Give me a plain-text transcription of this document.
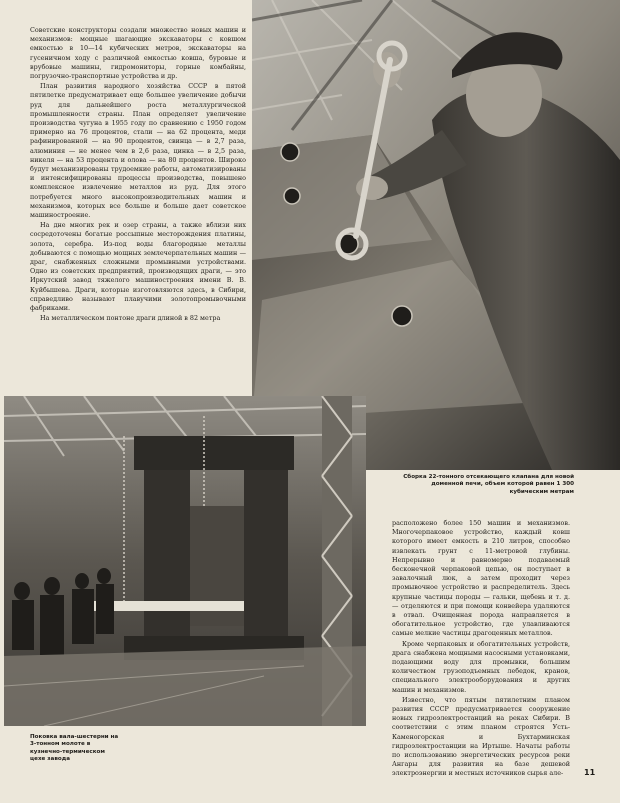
Советские конструкторы создали множество новых машин и механизмов: мощные шагающие экскаваторы с ковшом емкостью в 10—14 кубических метров, экскаваторы на гусеничном ходу с различной емкостью ковша, буровые и врубовые машины, гидромониторы, горные комбайны, погрузочно-транспортные устройства и др.

План развития народного хозяйства СССР в пятой пятилетке предусматривает еще большее увеличение добычи руд для дальнейшего роста металлургической промышленности страны. План определяет увеличение производства чугуна в 1955 году по сравнению с 1950 годом примерно на 76 процентов, стали — на 62 процента, меди рафинированной — на 90 процентов, свинца — в 2,7 раза, алюминия — не менее чем в 2,6 раза, цинка — в 2,5 раза, никеля — на 53 процента и олова — на 80 процентов. Широко будут механизированы трудоемкие работы, автоматизированы и интенсифицированы процессы производства, повышено комплексное извлечение металлов из руд. Для этого потребуется много высокопроизводительных машин и механизмов, которых все больше и больше дает советское машиностроение.

На дне многих рек и озер страны, а также вблизи них сосредоточены богатые россыпные месторождения платины, золота, серебра. Из-под воды благородные металлы добываются с помощью мощных землечерпательных машин — драг, снабженных сложными промывными устройствами. Одно из советских предприятий, производящих драги, — это Иркутский завод тяжелого машиностроения имени В. В. Куйбышева. Драги, которые изготовляются здесь, в Сибири, справедливо называют плавучими золотопромывочными фабриками.

На металлическом понтоне драги длиной в 82 метра

Сборка 22-тонного отсекающего клапана для новой доменной печи, объем которой равен 1 300 кубическим метрам
Поковка вала-шестерни на 3-тонном молоте в кузнечно-термическом цехе завода

расположено более 150 машин и механизмов. Многочерпаковое устройство, каждый ковш которого имеет емкость в 210 литров, способно извлекать грунт с 11-метровой глубины. Непрерывно и равномерно подаваемый бесконечной черпаковой цепью, он поступает в завалочный люк, а затем проходит через промывочное устройство и распределитель. Здесь крупные частицы породы — гальки, щебень и т. д. — отделяются и при помощи конвейера удаляются в отвал. Очищенная порода направляется в обогатительное устройство, где улавливаются самые мелкие частицы драгоценных металлов.

Кроме черпаковых и обогатительных устройств, драга снабжена мощными насосными установками, подающими воду для промывки, большим количеством грузоподъемных лебедок, кранов, специального электрооборудования и других машин и механизмов.

Известно, что пятым пятилетним планом развития СССР предусматривается сооружение новых гидроэлектростанций на реках Сибири. В соответствии с этим планом строятся Усть-Каменогорская и Бухтарминская гидроэлектростанции на Иртыше. Начаты работы по использованию энергетических ресурсов реки Ангары для развития на базе дешевой электроэнергии и местных источников сырья але-	11
